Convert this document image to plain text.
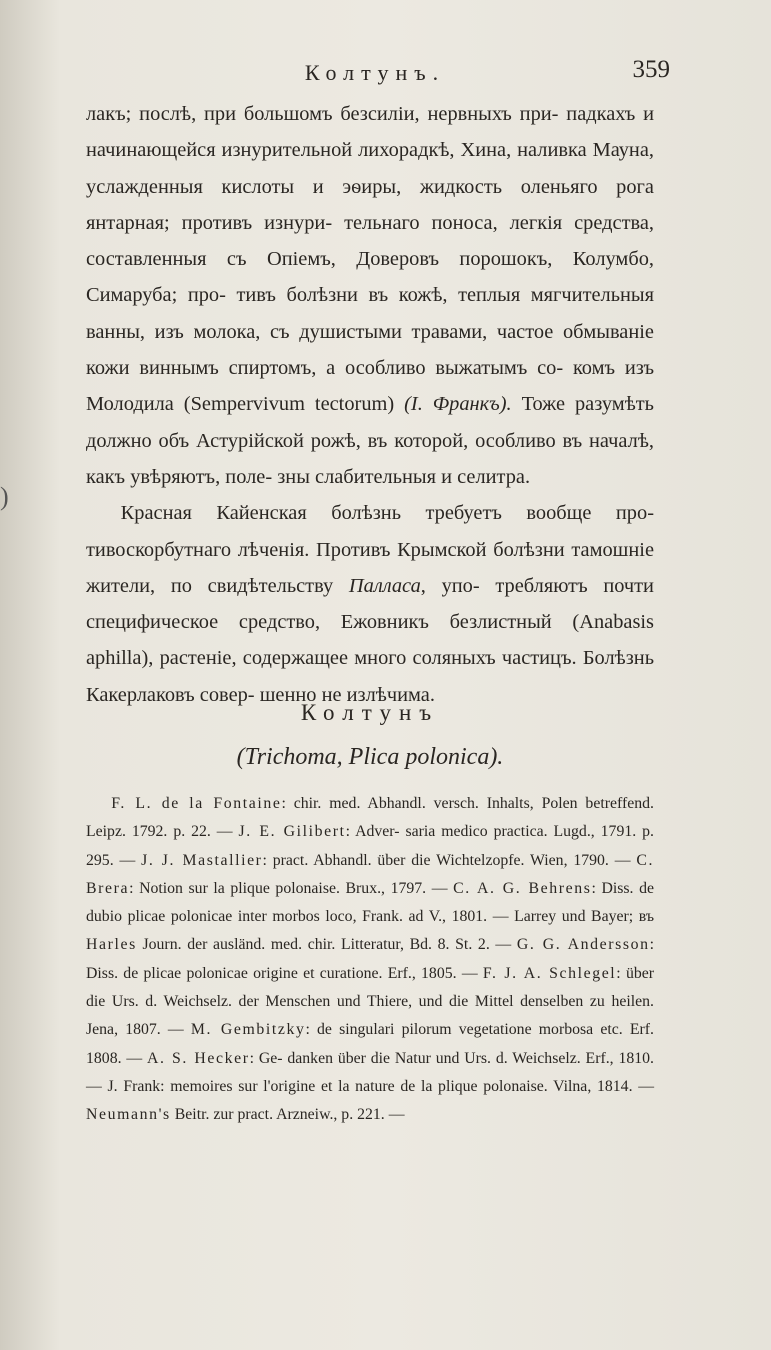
Колтунъ.	359
)

лакъ; послѣ, при большомъ безсиліи, нервныхъ при- падкахъ и начинающейся изнурительной лихорадкѣ, Хина, наливка Мауна, услажденныя кислоты и эѳиры, жидкость оленьяго рога янтарная; противъ изнури- тельнаго поноса, легкія средства, составленныя съ Опіемъ, Доверовъ порошокъ, Колумбо, Симаруба; про- тивъ болѣзни въ кожѣ, теплыя мягчительныя ванны, изъ молока, съ душистыми травами, частое обмываніе кожи виннымъ спиртомъ, а особливо выжатымъ со- комъ изъ Молодила (Sempervivum tectorum) (I. Франкъ). Тоже разумѣть должно объ Астурійской рожѣ, въ которой, особливо въ началѣ, какъ увѣряютъ, поле- зны слабительныя и селитра.

Красная Кайенская болѣзнь требуетъ вообще про- тивоскорбутнаго лѣченія. Противъ Крымской болѣзни тамошніе жители, по свидѣтельству Палласа, упо- требляютъ почти специфическое средство, Ежовникъ безлистный (Anabasis aphilla), растеніе, содержащее много соляныхъ частицъ. Болѣзнь Какерлаковъ совер- шенно не излѣчима.

Колтунъ
(Trichoma, Plica polonica).

F. L. de la Fontaine: chir. med. Abhandl. versch. Inhalts, Polen betreffend. Leipz. 1792. p. 22. — J. E. Gilibert: Adver- saria medico practica. Lugd., 1791. p. 295. — J. J. Mastallier: pract. Abhandl. über die Wichtelzopfe. Wien, 1790. — C. Brera: Notion sur la plique polonaise. Brux., 1797. — C. A. G. Behrens: Diss. de dubio plicae polonicae inter morbos loco, Frank. ad V., 1801. — Larrey und Bayer; въ Harles Journ. der ausländ. med. chir. Litteratur, Bd. 8. St. 2. — G. G. Andersson: Diss. de plicae polonicae origine et curatione. Erf., 1805. — F. J. A. Schlegel: über die Urs. d. Weichselz. der Menschen und Thiere, und die Mittel denselben zu heilen. Jena, 1807. — M. Gembitzky: de singulari pilorum vegetatione morbosa etc. Erf. 1808. — A. S. Hecker: Ge- danken über die Natur und Urs. d. Weichselz. Erf., 1810. — J. Frank: memoires sur l'origine et la nature de la plique polonaise. Vilna, 1814. — Neumann's Beitr. zur pract. Arzneiw., p. 221. —
